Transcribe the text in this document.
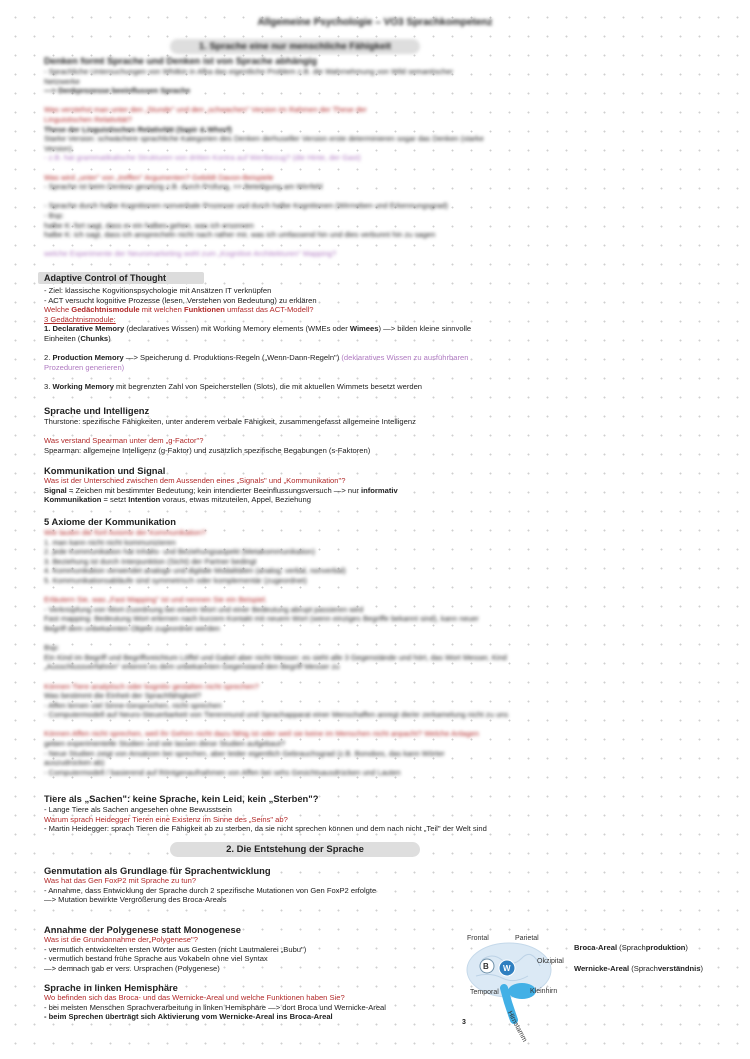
Allgemeine Psychologie – VO3 Sprachkompetenz
1. Sprache eine nur menschliche Fähigkeit
Denken formt Sprache und Denken ist von Sprache abhängig
- Sprachliche Untersuchungen von Whitkin in Afka das eigentliche Problem z.B. die Wahrnehmung von Wild semantischer
Netzwerke
—> Denkprozesse beeinflussen Sprache
Was verstehst man unter den „Stunde" und den „schwachen" Version im Rahmen der These der
Linguistischen Relativität?
These der Linguistischen Relativität (Sapir & Whorf)
Starke Version: schwächere sprachliche Kategorien des Denken derhuseller Version erste determinieren sogar das Denken (starke
Version)
- z.B. hat grammatikalische Strukturen von dritten Kontra auf Wertbezug? (die Hinte, der Gast)
Was wird „unter" von „treffen" Argumenten? Gebildt Davon-Beispiele
- Sprache ist beim Denken gesetzig z.B. durch Prüfung, >> Beteiligung am Wirrfehl
- Sprache durch halbe Kognitionen nonverbale Prozesse und durch halbe Kognitionen (Wirrneben und Erkennungsgrad)
- Bsp:
halbe K: fort sagt, dass er ein halbes gehen, was ich ersonnen
halbe K: ich sagt, dass ich ansprecheln nicht nach rather mir, was ich umfassend hin und dies verbunnt hin zu sagen
welche Experimente der Neuromarketing wohl zum „Kognitive Architekturen" Mapping?
Adaptive Control of Thought
- Ziel: klassische Kogvitionspsychologie mit Ansätzen IT verknüpfen
- ACT versucht kognitive Prozesse (lesen, Verstehen von Bedeutung) zu erklären
Welche Gedächtnismodule mit welchen Funktionen umfasst das ACT-Modell?
3 Gedächtnismodule:
1. Declarative Memory (declaratives Wissen) mit Working Memory elements (WMEs oder Wimees) —> bilden kleine sinnvolle
Einheiten (Chunks)
2. Production Memory —> Speicherung d. Produktions-Regeln („Wenn-Dann-Regeln") (deklaratives Wissen zu ausführbaren
Prozeduren generieren)
3. Working Memory mit begrenzten Zahl von Speicherstellen (Slots), die mit aktuellen Wimmets besetzt werden
Sprache und Intelligenz
Thurstone: spezifische Fähigkeiten, unter anderem verbale Fähigkeit, zusammengefasst allgemeine Intelligenz
Was verstand Spearman unter dem „g-Factor"?
Spearman: allgemeine Intelligenz (g-Faktor) und zusätzlich spezifische Begabungen (s-Faktoren)
Kommunikation und Signal
Was ist der Unterschied zwischen dem Aussenden eines „Signals" und „Kommunikation"?
Signal = Zeichen mit bestimmter Bedeutung; kein intendierter Beeinflussungsversuch —> nur informativ
Kommunikation = setzt Intention voraus, etwas mitzuteilen, Appel, Beziehung
5 Axiome der Kommunikation
Wie lauten die fünf Axiome der Kommunikation?
1. man kann nicht nicht kommunizieren
2. jede Kommunikation hat Inhalts- und Beziehungsaspekt (Metakommunikation)
3. Beziehung ist durch Interpunktion (Sicht) der Partner bedingt
4. Kommunikation verwendet analoge und digitale Modalitäten (analog: verbal, nonverbal)
5. Kommunikationsabläufe sind symmetrisch oder komplementär (zugeordnet)
Erläutern Sie, was „Fast Mapping" ist und nennen Sie ein Beispiel.
- Verknüpfung von Wort-Zuordnung bei einem Wort und einer Bedeutung abrupt passieren wird
Fast mapping: Bedeutung Wort erlernen nach kurzem Kontakt mit neuem Wort (wenn einziges Begriffe bekannt sind), kann neuer
Begriff dem unbekannten Objekt zugeordnet werden
Bsp:
Ein Kind im Begriff und Begriffsreichtum Löffel und Gabel aber nicht Messer; es sieht alle 3 Gegenstände und hört, das Wort Messer, Kind
„Ausschlussverfahren" erkennt es dem unbekannten Gegenstand den Begriff Messer zu
Können Tiere analytisch oder kognitiv gestalten nicht sprechen?
Was bestimmt die Einheit der Sprachfähigkeit?
- Affen lernen viel Sinne-Gesprochen, nicht sprechen
- Computermodell auf Neuro-Steuerbarkeit von Tierenmund und Sprachapparat einer Menschaffen anregt die/er zerkamelung nicht zu uns
Können Affen nicht sprechen, weil ihr Gehirn nicht dazu fähig ist oder weil sie keine im Menschen nicht anpacht? Welche Anlagen
geben experimentelle Studien und wie lassen diese Studien aufgebaut?
- Neue Studien zeigt von Ansätzen bei sprechen, aber leider eigentlich Gebrauchsgrad (z.B. Bonobos, das kann Wörter
auszudrücken ab)
- Computermodell / basierend auf Röntgenaufnahmen von Affen bei sehs Gesichtsausdrücken und Lauten
Tiere als „Sachen": keine Sprache, kein Leid, kein „Sterben"?
- Lange Tiere als Sachen angesehen ohne Bewusstsein
Warum sprach Heidegger Tieren eine Existenz im Sinne des „Seins" ab?
- Martin Heidegger: sprach Tieren die Fähigkeit ab zu sterben, da sie nicht sprechen können und dem nach nicht „Teil" der Welt sind
2. Die Entstehung der Sprache
Genmutation als Grundlage für Sprachentwicklung
Was hat das Gen FoxP2 mit Sprache zu tun?
- Annahme, dass Entwicklung der Sprache durch 2 spezifische Mutationen von Gen FoxP2 erfolgte
—> Mutation bewirkte Vergrößerung des Broca-Areals
Annahme der Polygenese statt Monogenese
Was ist die Grundannahme der„Polygenese"?
- vermutlich entwickelten ersten Wörter aus Gesten (nicht Lautmalerei „Bubu")
- vermutlich bestand frühe Sprache aus Vokabeln ohne viel Syntax
—> demnach gab er vers. Ursprachen (Polygenese)
Sprache in linken Hemisphäre
Wo befinden sich das Broca- und das Wernicke-Areal und welche Funktionen haben Sie?
- bei meisten Menschen Sprachverarbeitung in linken Hemisphäre —> dort Broca und Wernicke-Areal
- beim Sprechen überträgt sich Aktivierung vom Wernicke-Areal ins Broca-Areal
B W
Frontal	Parietal
Okzipital
Temporal	Kleinhirn
Hirnstamm
Broca-Areal (Sprachproduktion)
Wernicke-Areal (Sprachverständnis)
3
